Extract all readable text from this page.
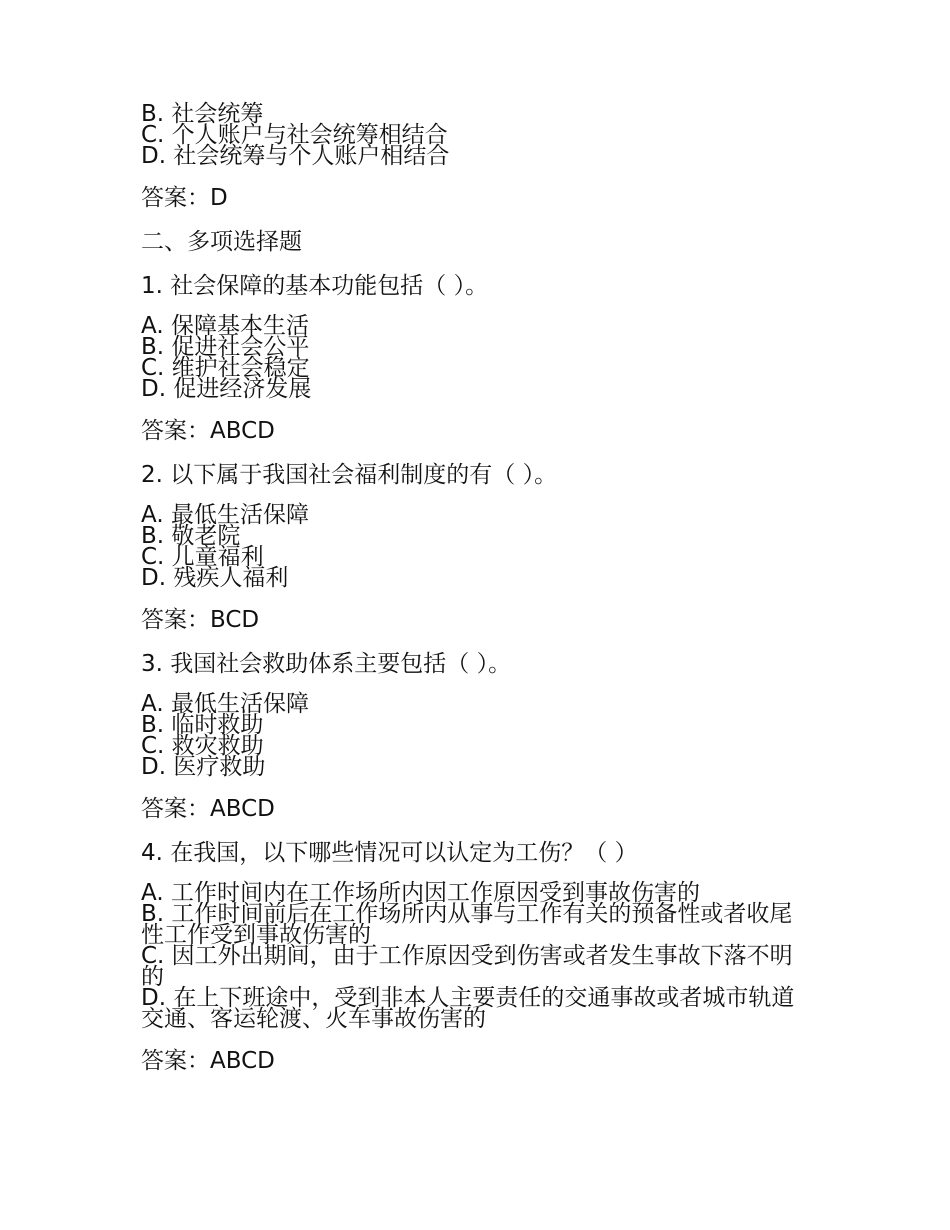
B. 社会统筹
C. 个人账户与社会统筹相结合
D. 社会统筹与个人账户相结合
答案：D
二、多项选择题
1. 社会保障的基本功能包括（ ）。
A. 保障基本生活
B. 促进社会公平
C. 维护社会稳定
D. 促进经济发展
答案：ABCD
2. 以下属于我国社会福利制度的有（ ）。
A. 最低生活保障
B. 敬老院
C. 儿童福利
D. 残疾人福利
答案：BCD
3. 我国社会救助体系主要包括（ ）。
A. 最低生活保障
B. 临时救助
C. 救灾救助
D. 医疗救助
答案：ABCD
4. 在我国，以下哪些情况可以认定为工伤？（ ）
A. 工作时间内在工作场所内因工作原因受到事故伤害的
B. 工作时间前后在工作场所内从事与工作有关的预备性或者收尾性工作受到事故伤害的
C. 因工外出期间，由于工作原因受到伤害或者发生事故下落不明的
D. 在上下班途中，受到非本人主要责任的交通事故或者城市轨道交通、客运轮渡、火车事故伤害的
答案：ABCD
